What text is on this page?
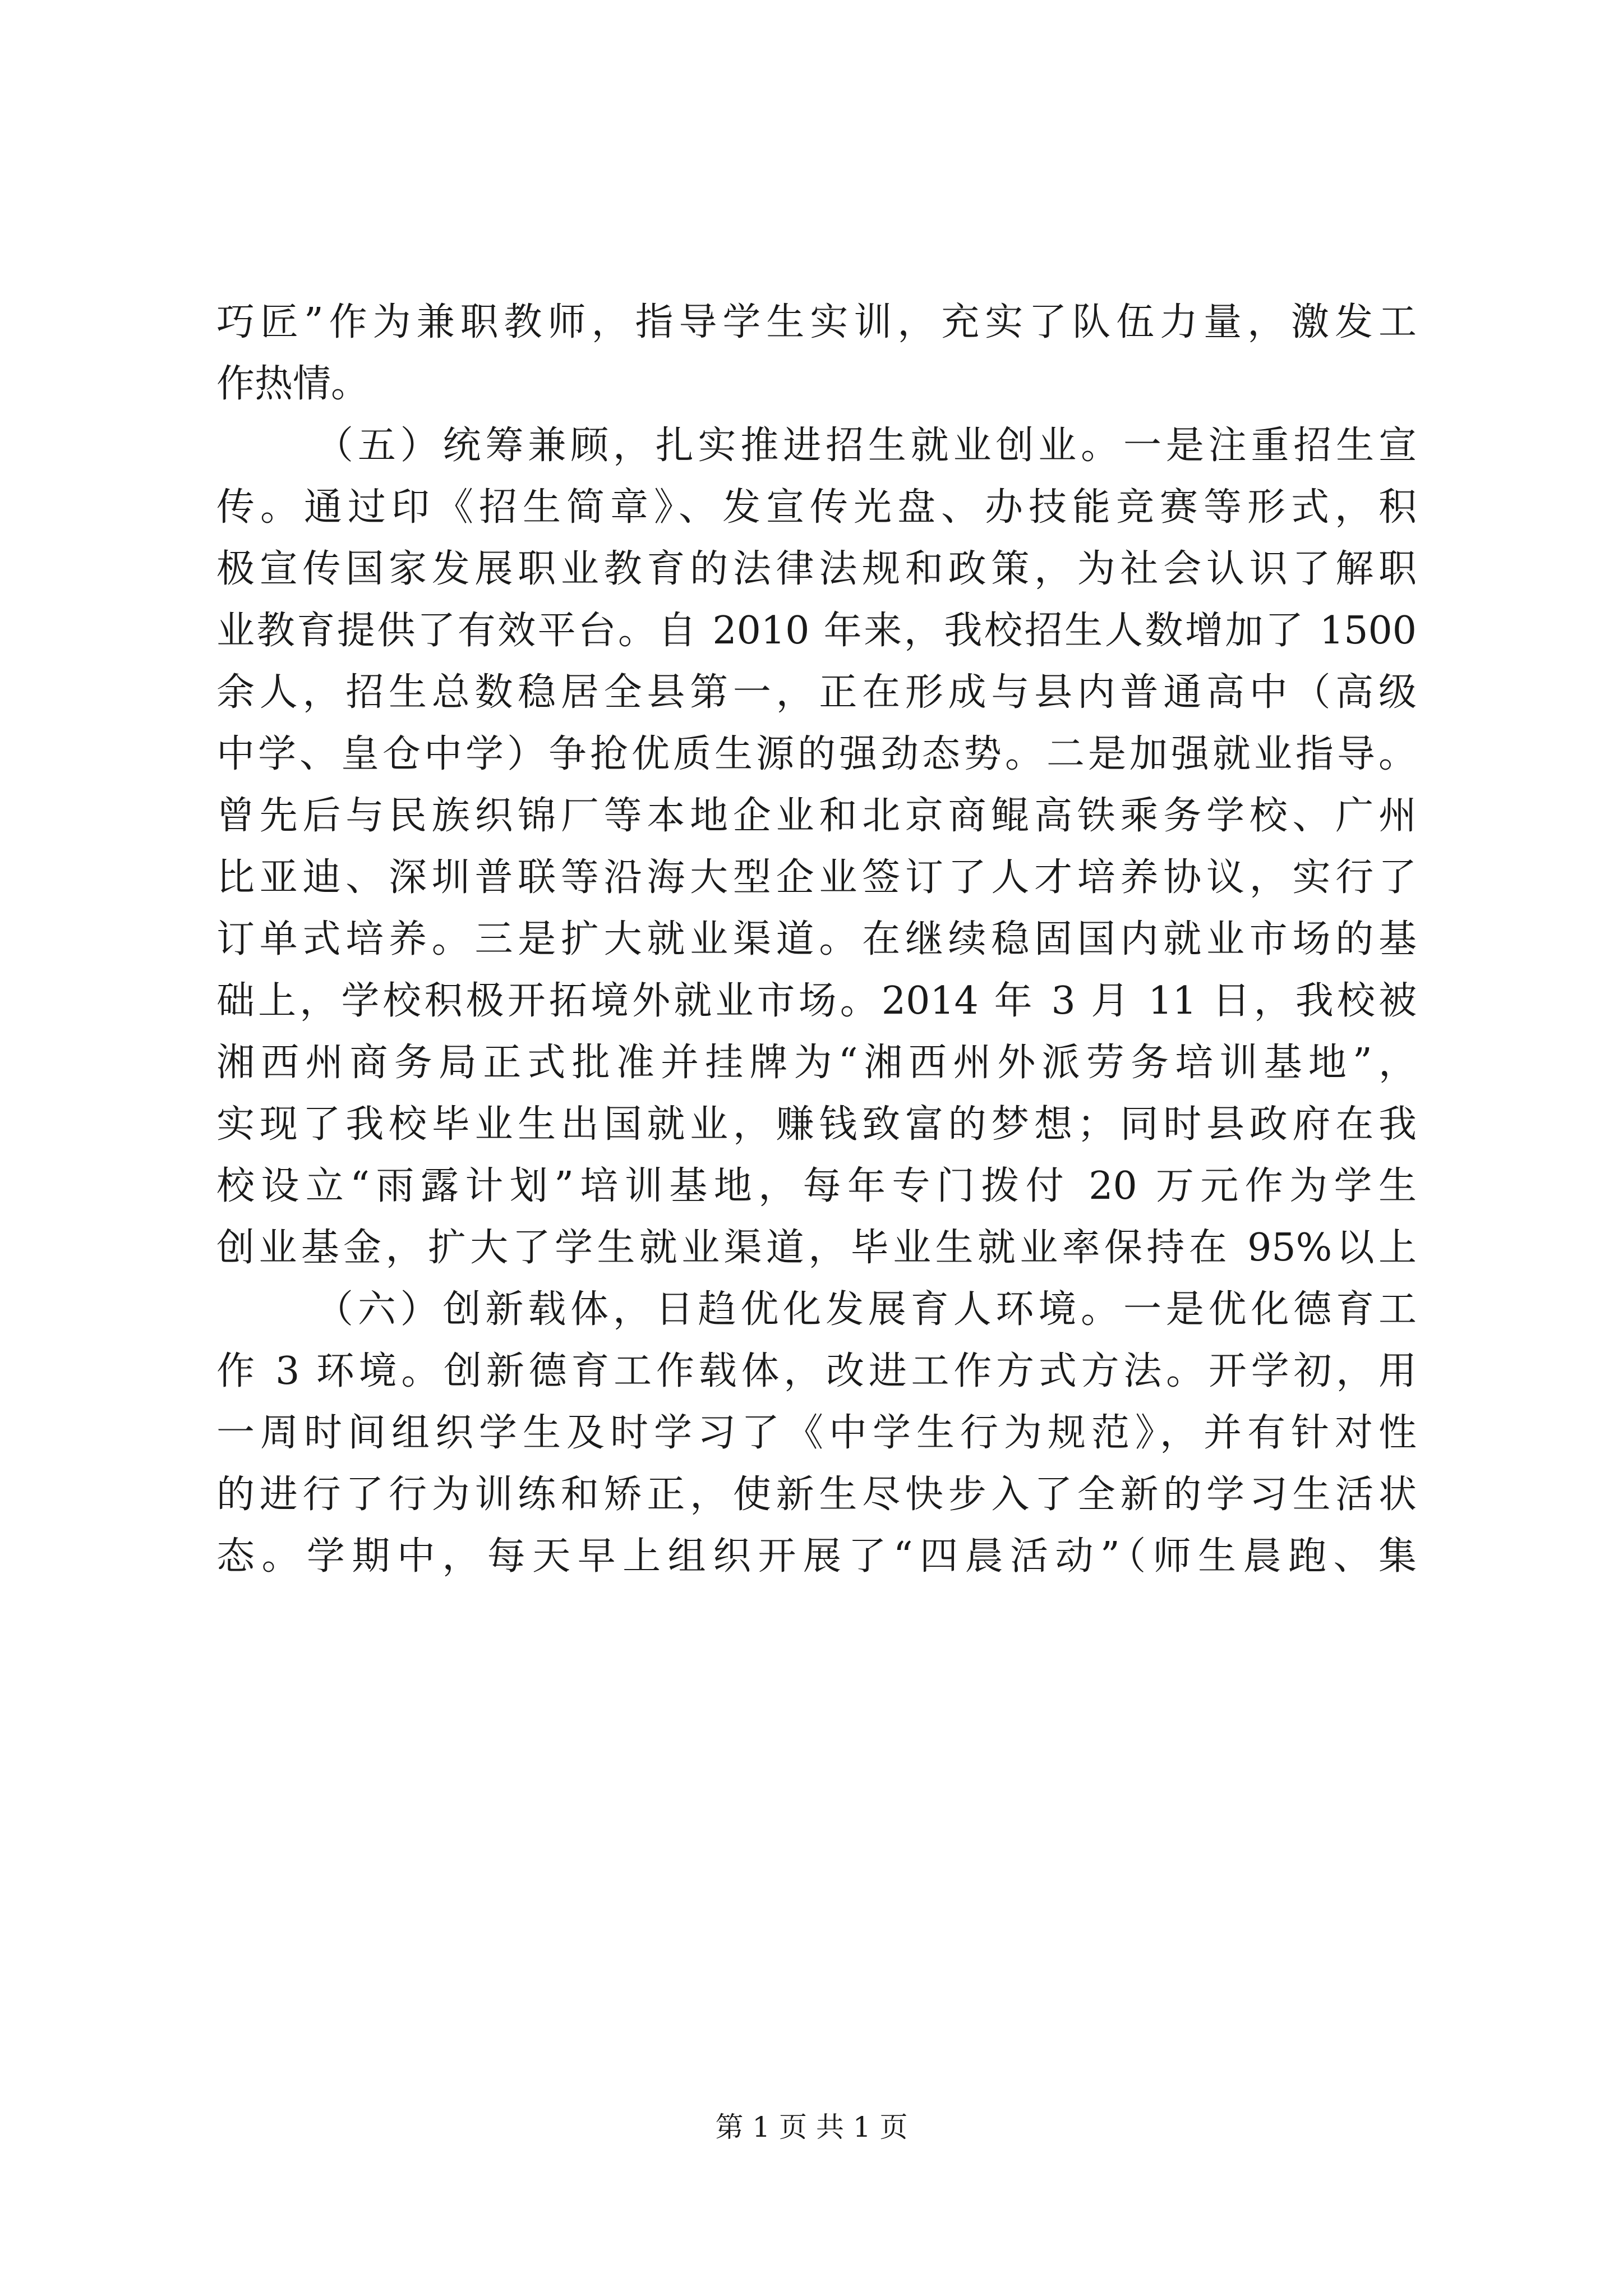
巧匠”作为兼职教师，指导学生实训，充实了队伍力量，激发工
作热情。
（五）统筹兼顾，扎实推进招生就业创业。一是注重招生宣
传。通过印《招生简章》、发宣传光盘、办技能竞赛等形式，积
极宣传国家发展职业教育的法律法规和政策，为社会认识了解职
业教育提供了有效平台。自 2010 年来，我校招生人数增加了 1500
余人，招生总数稳居全县第一，正在形成与县内普通高中（高级
中学、皇仓中学）争抢优质生源的强劲态势。二是加强就业指导。
曾先后与民族织锦厂等本地企业和北京商鲲高铁乘务学校、广州
比亚迪、深圳普联等沿海大型企业签订了人才培养协议，实行了
订单式培养。三是扩大就业渠道。在继续稳固国内就业市场的基
础上，学校积极开拓境外就业市场。2014 年 3 月 11 日，我校被
湘西州商务局正式批准并挂牌为“湘西州外派劳务培训基地”，
实现了我校毕业生出国就业，赚钱致富的梦想；同时县政府在我
校设立“雨露计划”培训基地，每年专门拨付 20 万元作为学生
创业基金，扩大了学生就业渠道，毕业生就业率保持在 95%以上
（六）创新载体，日趋优化发展育人环境。一是优化德育工
作 3 环境。创新德育工作载体，改进工作方式方法。开学初，用
一周时间组织学生及时学习了《中学生行为规范》，并有针对性
的进行了行为训练和矫正，使新生尽快步入了全新的学习生活状
态。学期中，每天早上组织开展了“四晨活动”（师生晨跑、集
第 1 页 共 1 页
